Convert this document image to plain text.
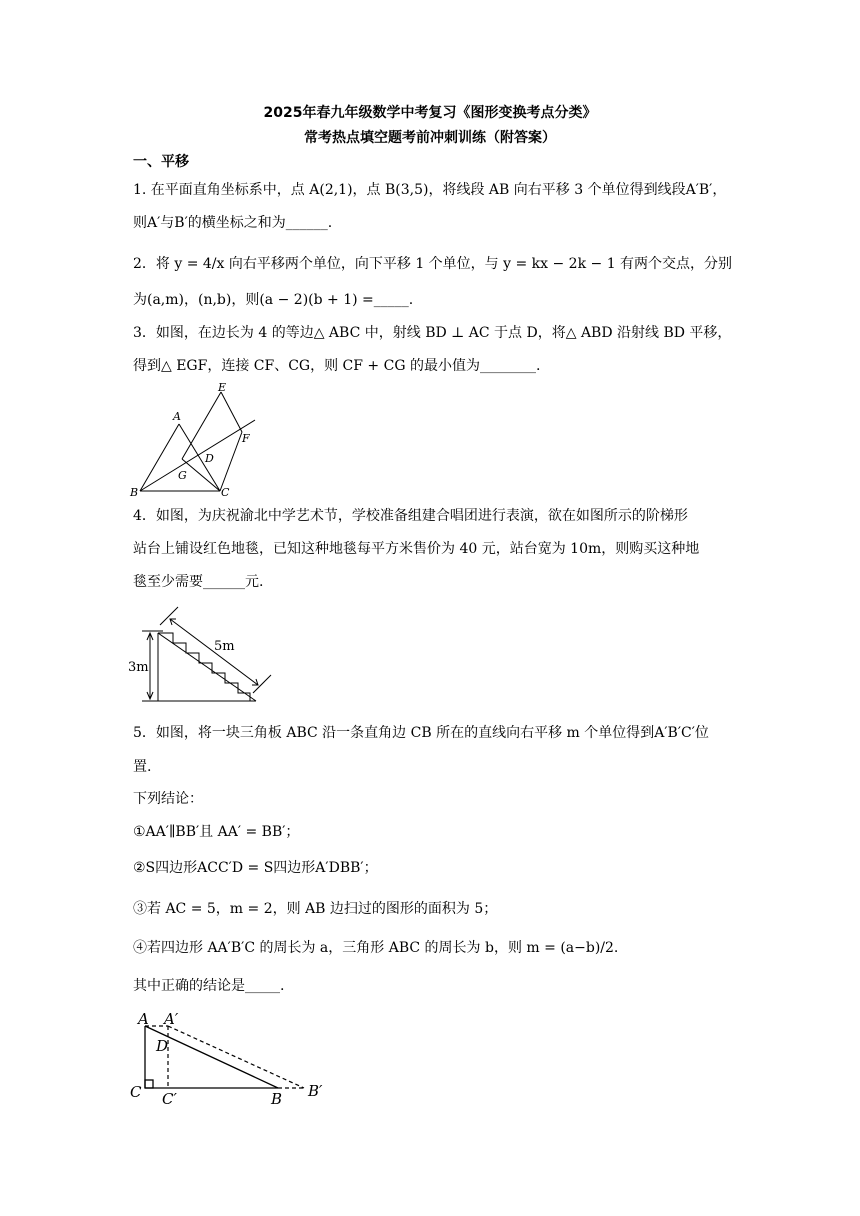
2025年春九年级数学中考复习《图形变换考点分类》
常考热点填空题考前冲刺训练（附答案）
一、平移
1. 在平面直角坐标系中，点 A(2,1)，点 B(3,5)，将线段 AB 向右平移 3 个单位得到线段A′B′，
则A′与B′的横坐标之和为______.
2．将 y = 4/x 向右平移两个单位，向下平移 1 个单位，与 y = kx − 2k − 1 有两个交点，分别
为(a,m)，(n,b)，则(a − 2)(b + 1) =_____.
3．如图，在边长为 4 的等边△ ABC 中，射线 BD ⊥ AC 于点 D，将△ ABD 沿射线 BD 平移，
得到△ EGF，连接 CF、CG，则 CF + CG 的最小值为________.
E
A
F
D
G
B	C
4．如图，为庆祝渝北中学艺术节，学校准备组建合唱团进行表演，欲在如图所示的阶梯形
站台上铺设红色地毯，已知这种地毯每平方米售价为 40 元，站台宽为 10m，则购买这种地
毯至少需要______元.
5m
3m
5．如图，将一块三角板 ABC 沿一条直角边 CB 所在的直线向右平移 m 个单位得到A′B′C′位
置.
下列结论：
①AA′∥BB′且 AA′ = BB′；
②S四边形ACC′D = S四边形A′DBB′；
③若 AC = 5，m = 2，则 AB 边扫过的图形的面积为 5；
④若四边形 AA′B′C 的周长为 a，三角形 ABC 的周长为 b，则 m = (a−b)/2.
其中正确的结论是_____.
A A′
D
C C′	B B′
